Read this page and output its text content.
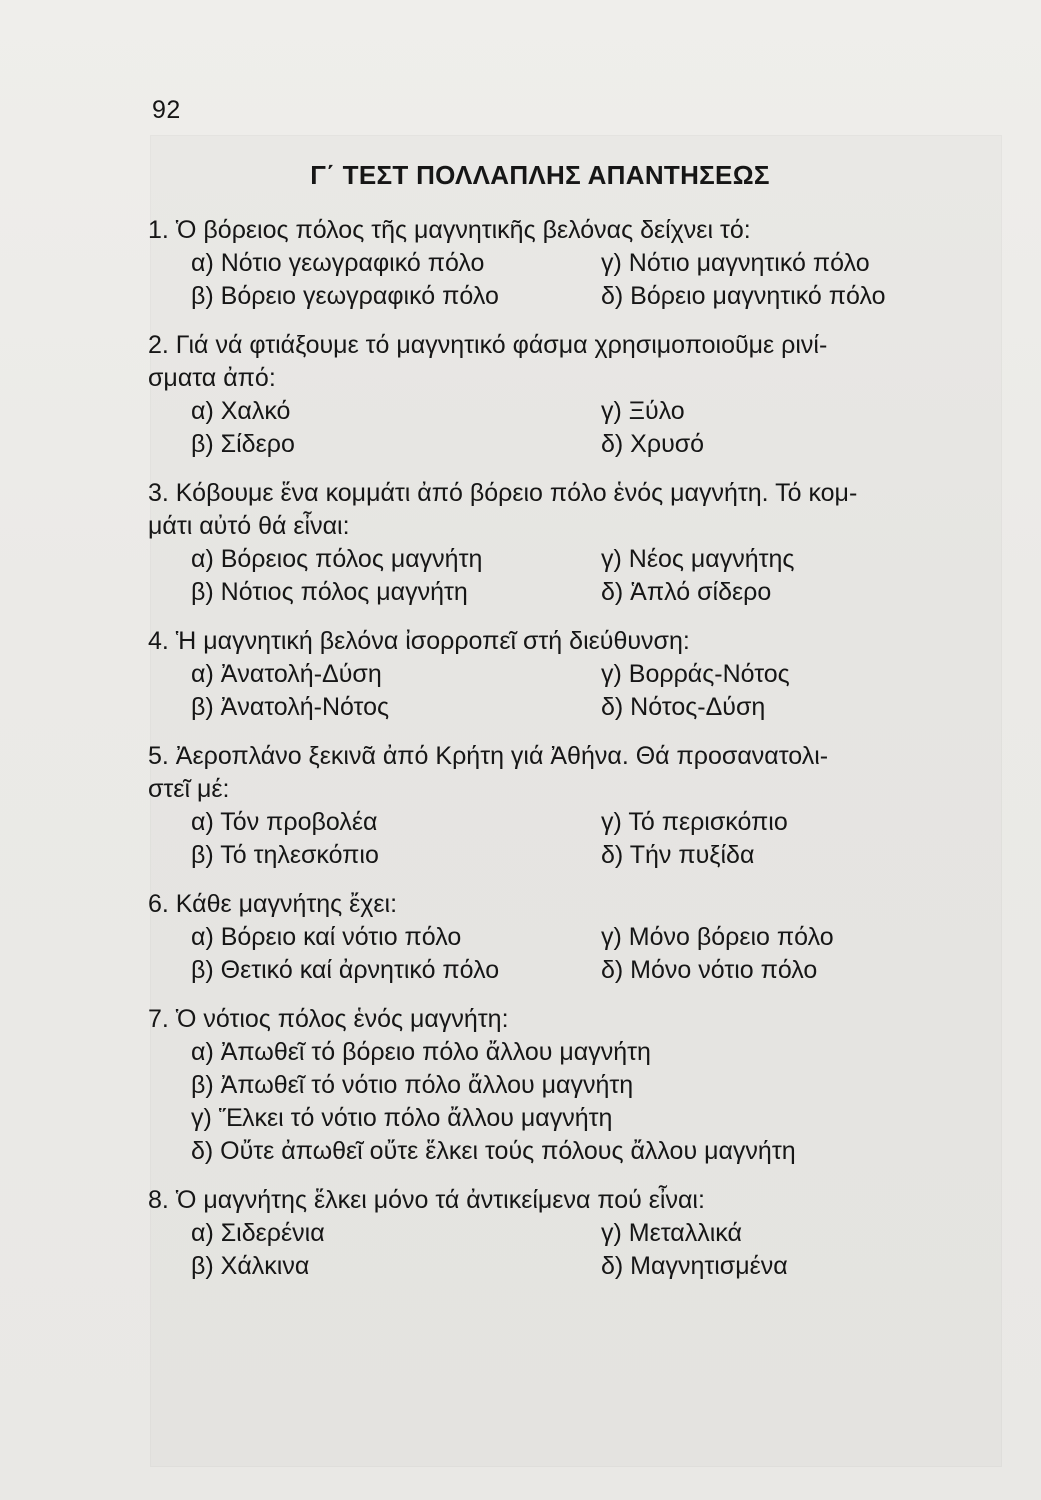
92
Γ΄ ΤΕΣΤ ΠΟΛΛΑΠΛΗΣ ΑΠΑΝΤΗΣΕΩΣ
1. Ὁ βόρειος πόλος τῆς μαγνητικῆς βελόνας δείχνει τό:
α) Νότιο γεωγραφικό πόλο	γ) Νότιο μαγνητικό πόλο
β) Βόρειο γεωγραφικό πόλο	δ) Βόρειο μαγνητικό πόλο
2. Γιά νά φτιάξουμε τό μαγνητικό φάσμα χρησιμοποιοῦμε ρινί-
σματα ἀπό:
α) Χαλκό	γ) Ξύλο
β) Σίδερο	δ) Χρυσό
3. Κόβουμε ἕνα κομμάτι ἀπό βόρειο πόλο ἑνός μαγνήτη. Τό κομ-
μάτι αὐτό θά εἶναι:
α) Βόρειος πόλος μαγνήτη	γ) Νέος μαγνήτης
β) Νότιος πόλος μαγνήτη	δ) Ἁπλό σίδερο
4. Ἡ μαγνητική βελόνα ἰσορροπεῖ στή διεύθυνση:
α) Ἀνατολή-Δύση	γ) Βορράς-Νότος
β) Ἀνατολή-Νότος	δ) Νότος-Δύση
5. Ἀεροπλάνο ξεκινᾶ ἀπό Κρήτη γιά Ἀθήνα. Θά προσανατολι-
στεῖ μέ:
α) Τόν προβολέα	γ) Τό περισκόπιο
β) Τό τηλεσκόπιο	δ) Τήν πυξίδα
6. Κάθε μαγνήτης ἔχει:
α) Βόρειο καί νότιο πόλο	γ) Μόνο βόρειο πόλο
β) Θετικό καί ἀρνητικό πόλο	δ) Μόνο νότιο πόλο
7. Ὁ νότιος πόλος ἑνός μαγνήτη:
α) Ἀπωθεῖ τό βόρειο πόλο ἄλλου μαγνήτη
β) Ἀπωθεῖ τό νότιο πόλο ἄλλου μαγνήτη
γ) Ἕλκει τό νότιο πόλο ἄλλου μαγνήτη
δ) Οὔτε ἀπωθεῖ οὔτε ἕλκει τούς πόλους ἄλλου μαγνήτη
8. Ὁ μαγνήτης ἕλκει μόνο τά ἀντικείμενα πού εἶναι:
α) Σιδερένια	γ) Μεταλλικά
β) Χάλκινα	δ) Μαγνητισμένα
